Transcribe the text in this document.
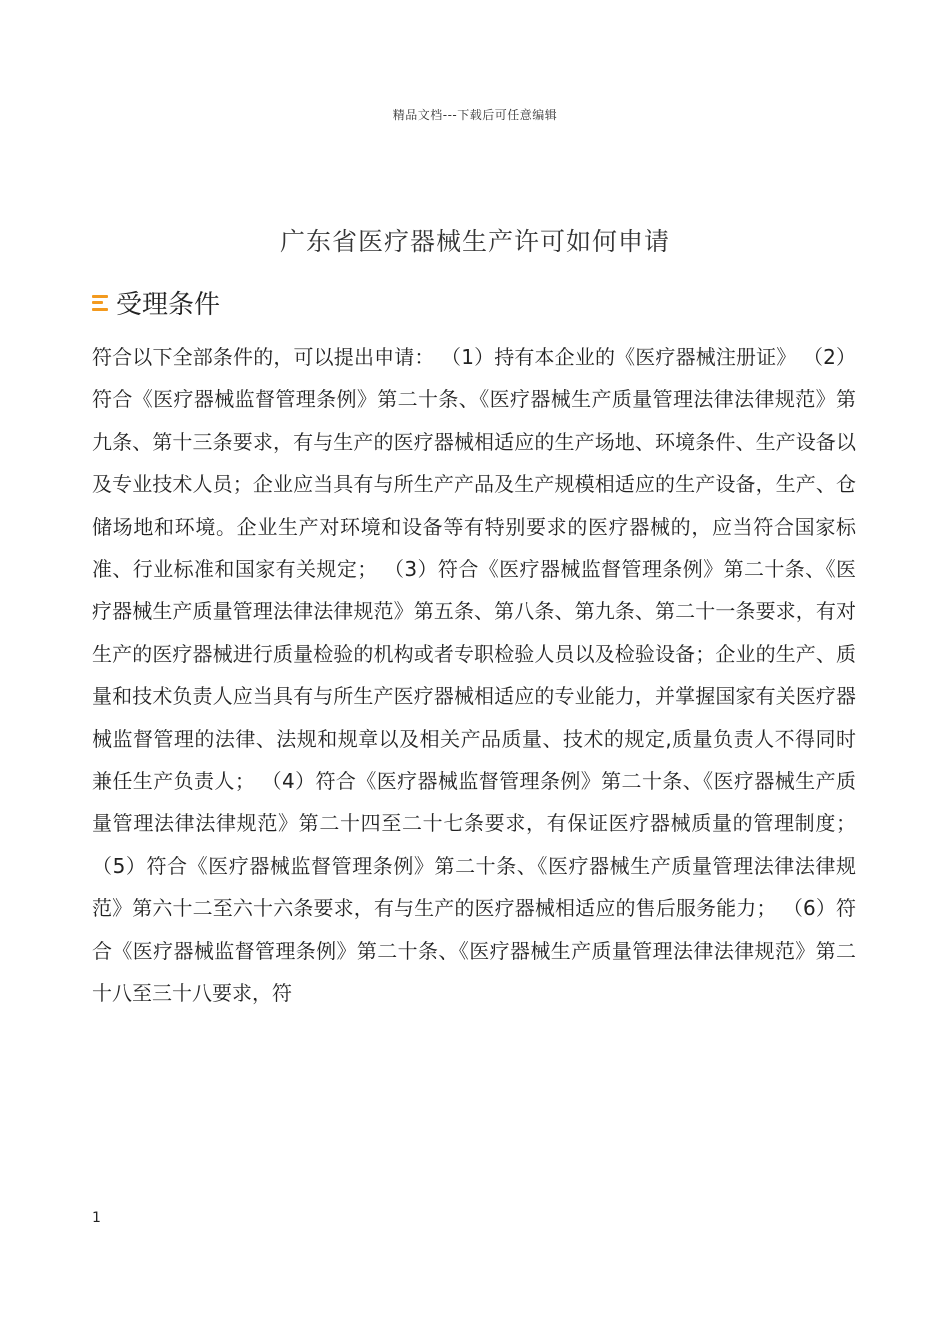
精品文档---下载后可任意编辑
广东省医疗器械生产许可如何申请
受理条件

符合以下全部条件的，可以提出申请： （1）持有本企业的《医疗器械注册证》 （2）符合《医疗器械监督管理条例》第二十条、《医疗器械生产质量管理法律法律规范》第九条、第十三条要求，有与生产的医疗器械相适应的生产场地、环境条件、生产设备以及专业技术人员；企业应当具有与所生产产品及生产规模相适应的生产设备，生产、仓储场地和环境。企业生产对环境和设备等有特别要求的医疗器械的，应当符合国家标准、行业标准和国家有关规定； （3）符合《医疗器械监督管理条例》第二十条、《医疗器械生产质量管理法律法律规范》第五条、第八条、第九条、第二十一条要求，有对生产的医疗器械进行质量检验的机构或者专职检验人员以及检验设备；企业的生产、质量和技术负责人应当具有与所生产医疗器械相适应的专业能力，并掌握国家有关医疗器械监督管理的法律、法规和规章以及相关产品质量、技术的规定,质量负责人不得同时兼任生产负责人； （4）符合《医疗器械监督管理条例》第二十条、《医疗器械生产质量管理法律法律规范》第二十四至二十七条要求，有保证医疗器械质量的管理制度； （5）符合《医疗器械监督管理条例》第二十条、《医疗器械生产质量管理法律法律规范》第六十二至六十六条要求，有与生产的医疗器械相适应的售后服务能力； （6）符合《医疗器械监督管理条例》第二十条、《医疗器械生产质量管理法律法律规范》第二十八至三十八要求，符

1
